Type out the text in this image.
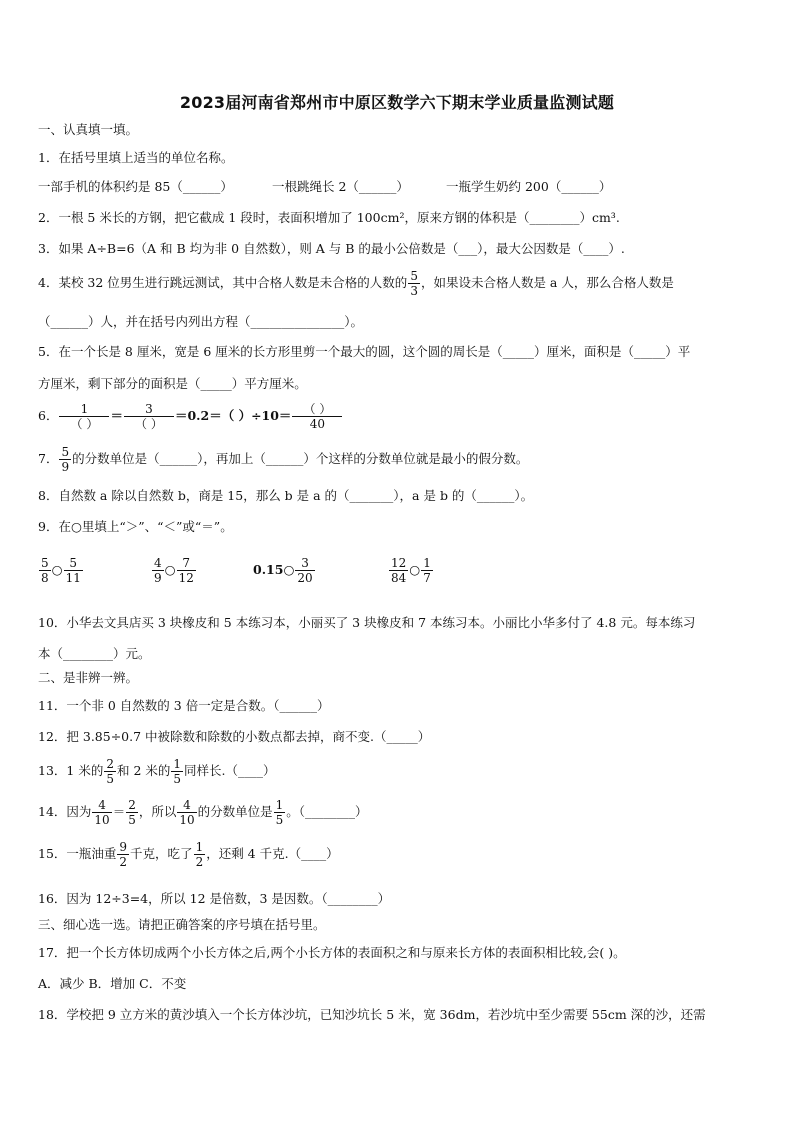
2023届河南省郑州市中原区数学六下期末学业质量监测试题
一、认真填一填。
1．在括号里填上适当的单位名称。
一部手机的体积约是 85（______）	一根跳绳长 2（______）	一瓶学生奶约 200（______）
2．一根 5 米长的方钢，把它截成 1 段时，表面积增加了 100cm²，原来方钢的体积是（________）cm³.
3．如果 A÷B=6（A 和 B 均为非 0 自然数），则 A 与 B 的最小公倍数是（___），最大公因数是（____）.
4．某校 32 位男生进行跳远测试，其中合格人数是未合格的人数的 $\frac{5}{3}$ ，如果设未合格人数是 a 人，那么合格人数是
（______）人，并在括号内列出方程（_______________）。
5．在一个长是 8 厘米，宽是 6 厘米的长方形里剪一个最大的圆，这个圆的周长是（_____）厘米，面积是（_____）平
方厘米，剩下部分的面积是（_____）平方厘米。
6．	1
（ ）
＝	3
（ ）
＝0.2＝（ ）÷10＝	（ ）
40
7． $\frac{5}{9}$ 的分数单位是（______），再加上（______）个这样的分数单位就是最小的假分数。
8．自然数 a 除以自然数 b，商是 15，那么 b 是 a 的（_______），a 是 b 的（______）。
9．在○里填上“＞”、“＜”或“＝”。
$\frac{5}{8}$ ○ $\frac{5}{11}$	$\frac{4}{9}$ ○ $\frac{7}{12}$	0.15○ $\frac{3}{20}$	$\frac{12}{84}$ ○ $\frac{1}{7}$
10．小华去文具店买 3 块橡皮和 5 本练习本，小丽买了 3 块橡皮和 7 本练习本。小丽比小华多付了 4.8 元。每本练习
本（________）元。
二、是非辨一辨。
11．一个非 0 自然数的 3 倍一定是合数。（______）
12．把 3.85÷0.7 中被除数和除数的小数点都去掉，商不变.（_____）
13．1 米的 $\frac{2}{5}$ 和 2 米的 $\frac{1}{5}$ 同样长.（____）
14．因为 $\frac{4}{10} = \frac{2}{5}$ ，所以 $\frac{4}{10}$ 的分数单位是 $\frac{1}{5}$ 。（________）
15．一瓶油重 $\frac{9}{2}$ 千克，吃了 $\frac{1}{2}$ ，还剩 4 千克.（____）
16．因为 12÷3=4，所以 12 是倍数，3 是因数。（________）
三、细心选一选。请把正确答案的序号填在括号里。
17．把一个长方体切成两个小长方体之后,两个小长方体的表面积之和与原来长方体的表面积相比较,会( )。
A．减少 B．增加 C．不变
18．学校把 9 立方米的黄沙填入一个长方体沙坑，已知沙坑长 5 米，宽 36dm，若沙坑中至少需要 55cm 深的沙，还需
